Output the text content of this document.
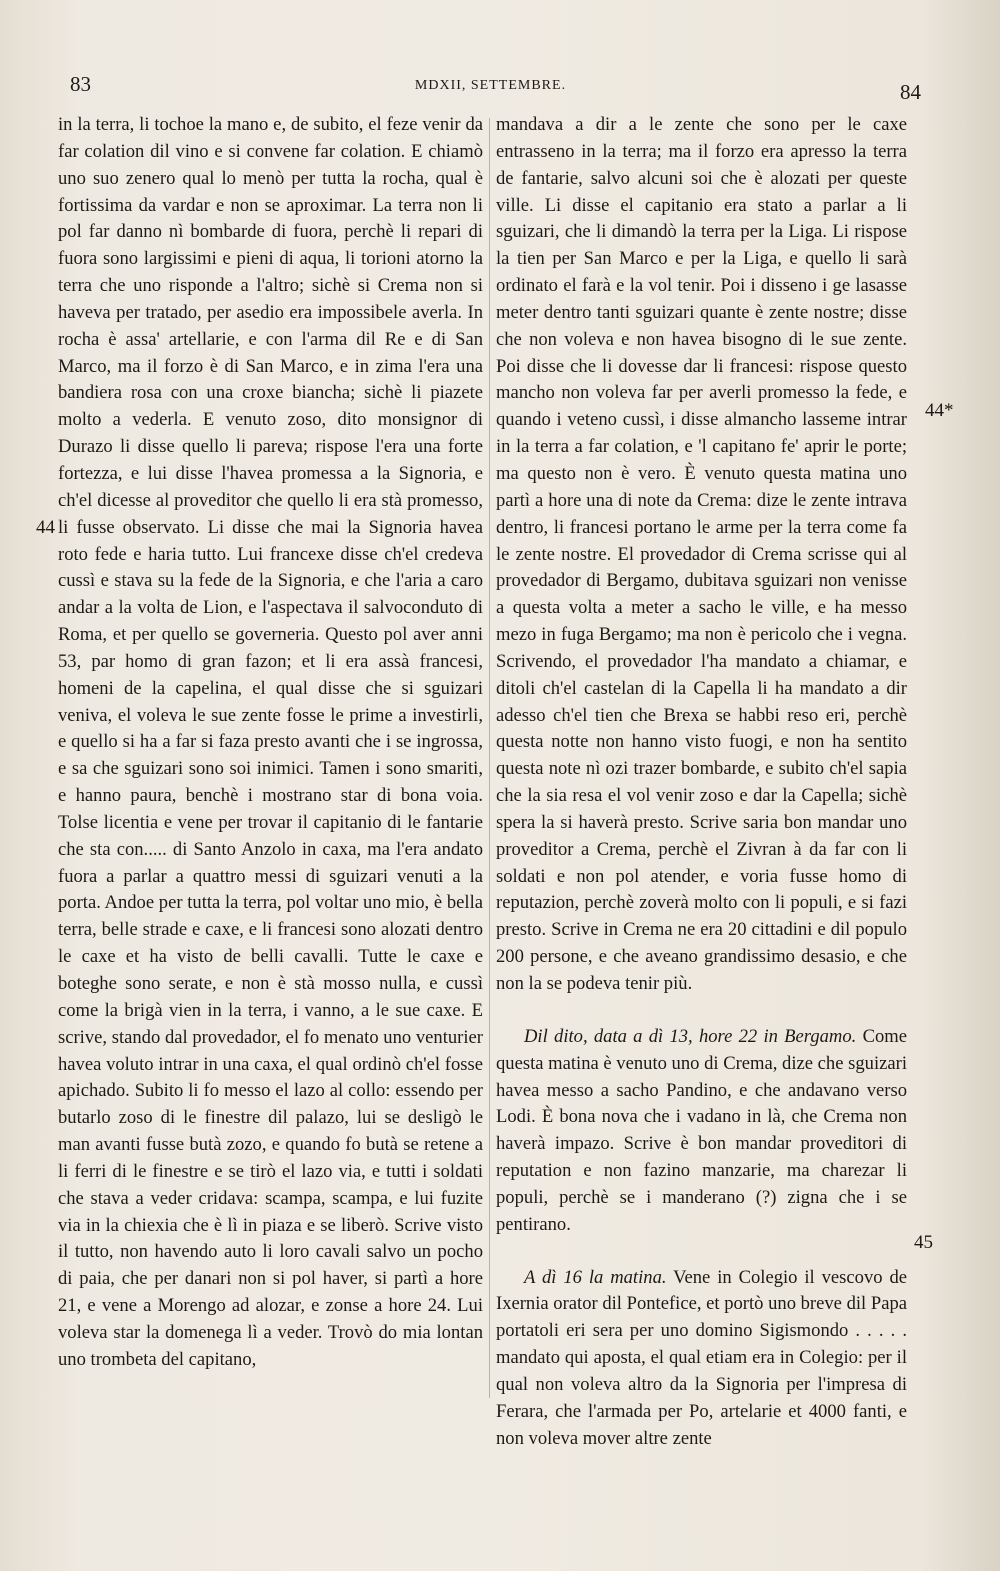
83	MDXII, SETTEMBRE.	84
44
44*
45

in la terra, li tochoe la mano e, de subito, el feze venir da far colation dil vino e si convene far colation. E chiamò uno suo zenero qual lo menò per tutta la rocha, qual è fortissima da vardar e non se aproximar. La terra non li pol far danno nì bombarde di fuora, perchè li repari di fuora sono largissimi e pieni di aqua, li torioni atorno la terra che uno risponde a l'altro; sichè si Crema non si haveva per tratado, per asedio era impossibele averla. In rocha è assa' artellarie, e con l'arma dil Re e di San Marco, ma il forzo è di San Marco, e in zima l'era una bandiera rosa con una croxe biancha; sichè li piazete molto a vederla. E venuto zoso, dito monsignor di Durazo li disse quello li pareva; rispose l'era una forte fortezza, e lui disse l'havea promessa a la Signoria, e ch'el dicesse al proveditor che quello li era stà promesso, li fusse observato. Li disse che mai la Signoria havea roto fede e haria tutto. Lui francexe disse ch'el credeva cussì e stava su la fede de la Signoria, e che l'aria a caro andar a la volta de Lion, e l'aspectava il salvoconduto di Roma, et per quello se governeria. Questo pol aver anni 53, par homo di gran fazon; et li era assà francesi, homeni de la capelina, el qual disse che si sguizari veniva, el voleva le sue zente fosse le prime a investirli, e quello si ha a far si faza presto avanti che i se ingrossa, e sa che sguizari sono soi inimici. Tamen i sono smariti, e hanno paura, benchè i mostrano star di bona voia. Tolse licentia e vene per trovar il capitanio di le fantarie che sta con..... di Santo Anzolo in caxa, ma l'era andato fuora a parlar a quattro messi di sguizari venuti a la porta. Andoe per tutta la terra, pol voltar uno mio, è bella terra, belle strade e caxe, e li francesi sono alozati dentro le caxe et ha visto de belli cavalli. Tutte le caxe e boteghe sono serate, e non è stà mosso nulla, e cussì come la brigà vien in la terra, i vanno, a le sue caxe. E scrive, stando dal provedador, el fo menato uno venturier havea voluto intrar in una caxa, el qual ordinò ch'el fosse apichado. Subito li fo messo el lazo al collo: essendo per butarlo zoso di le finestre dil palazo, lui se desligò le man avanti fusse butà zozo, e quando fo butà se retene a li ferri di le finestre e se tirò el lazo via, e tutti i soldati che stava a veder cridava: scampa, scampa, e lui fuzite via in la chiexia che è lì in piaza e se liberò. Scrive visto il tutto, non havendo auto li loro cavali salvo un pocho di paia, che per danari non si pol haver, si partì a hore 21, e vene a Morengo ad alozar, e zonse a hore 24. Lui voleva star la domenega lì a veder. Trovò do mia lontan uno trombeta del capitano,

mandava a dir a le zente che sono per le caxe entrasseno in la terra; ma il forzo era apresso la terra de fantarie, salvo alcuni soi che è alozati per queste ville. Li disse el capitanio era stato a parlar a li sguizari, che li dimandò la terra per la Liga. Li rispose la tien per San Marco e per la Liga, e quello li sarà ordinato el farà e la vol tenir. Poi i disseno i ge lasasse meter dentro tanti sguizari quante è zente nostre; disse che non voleva e non havea bisogno di le sue zente. Poi disse che li dovesse dar li francesi: rispose questo mancho non voleva far per averli promesso la fede, e quando i veteno cussì, i disse almancho lasseme intrar in la terra a far colation, e 'l capitano fe' aprir le porte; ma questo non è vero. È venuto questa matina uno partì a hore una di note da Crema: dize le zente intrava dentro, li francesi portano le arme per la terra come fa le zente nostre. El provedador di Crema scrisse qui al provedador di Bergamo, dubitava sguizari non venisse a questa volta a meter a sacho le ville, e ha messo mezo in fuga Bergamo; ma non è pericolo che i vegna. Scrivendo, el provedador l'ha mandato a chiamar, e ditoli ch'el castelan di la Capella li ha mandato a dir adesso ch'el tien che Brexa se habbi reso eri, perchè questa notte non hanno visto fuogi, e non ha sentito questa note nì ozi trazer bombarde, e subito ch'el sapia che la sia resa el vol venir zoso e dar la Capella; sichè spera la si haverà presto. Scrive saria bon mandar uno proveditor a Crema, perchè el Zivran à da far con li soldati e non pol atender, e voria fusse homo di reputazion, perchè zoverà molto con li populi, e si fazi presto. Scrive in Crema ne era 20 cittadini e dil populo 200 persone, e che aveano grandissimo desasio, e che non la se podeva tenir più.

Dil dito, data a dì 13, hore 22 in Bergamo. Come questa matina è venuto uno di Crema, dize che sguizari havea messo a sacho Pandino, e che andavano verso Lodi. È bona nova che i vadano in là, che Crema non haverà impazo. Scrive è bon mandar proveditori di reputation e non fazino manzarie, ma charezar li populi, perchè se i manderano (?) zigna che i se pentirano.

A dì 16 la matina. Vene in Colegio il vescovo de Ixernia orator dil Pontefice, et portò uno breve dil Papa portatoli eri sera per uno domino Sigismondo . . . . . mandato qui aposta, el qual etiam era in Colegio: per il qual non voleva altro da la Signoria per l'impresa di Ferara, che l'armada per Po, artelarie et 4000 fanti, e non voleva mover altre zente
